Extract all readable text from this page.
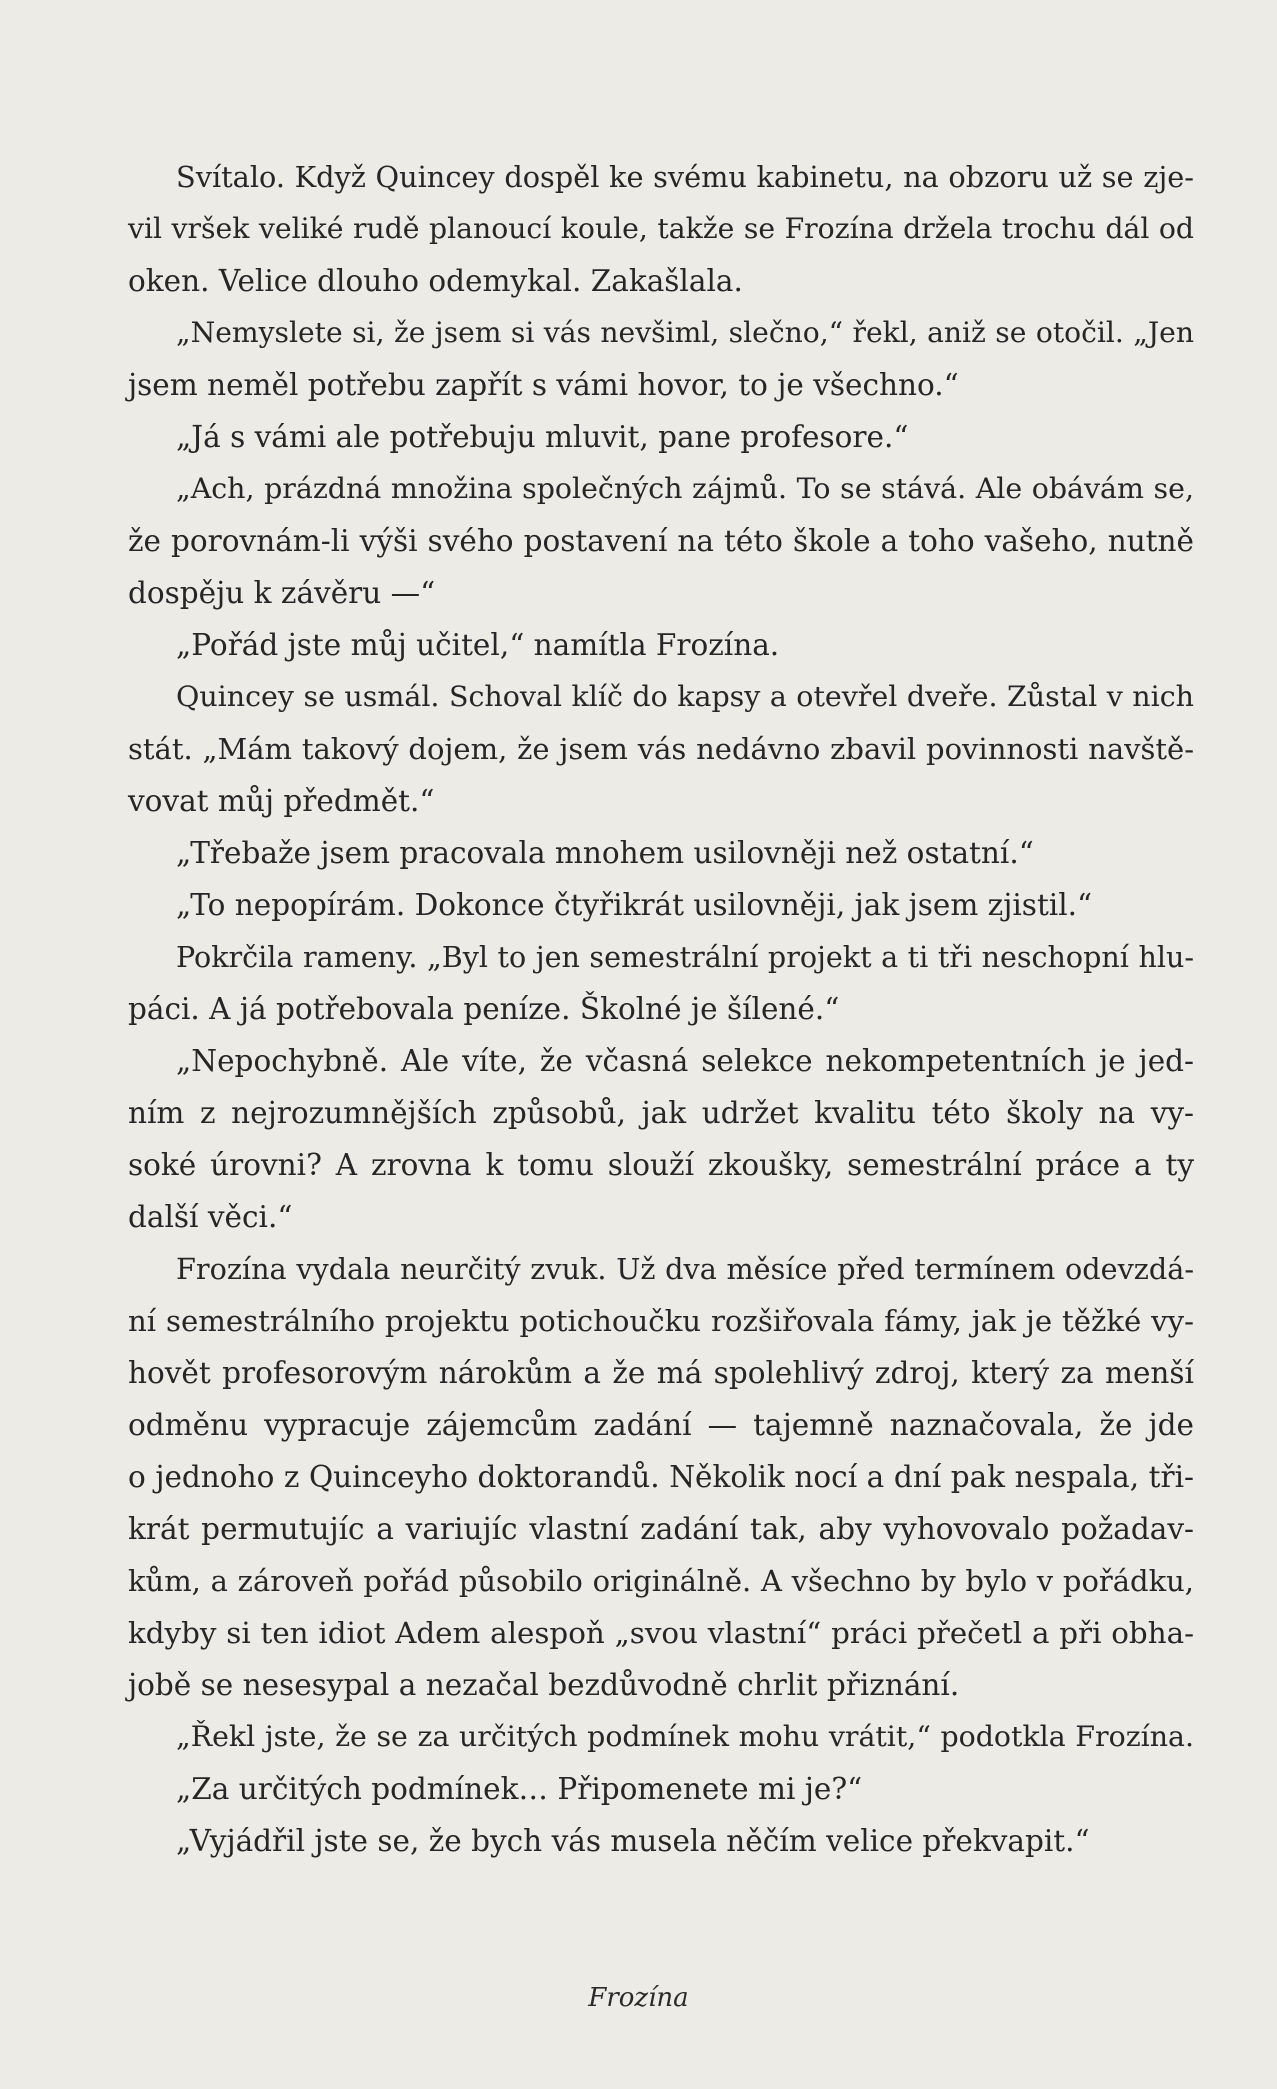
Svítalo. Když Quincey dospěl ke svému kabinetu, na obzoru už se zje-
vil vršek veliké rudě planoucí koule, takže se Frozína držela trochu dál od
oken. Velice dlouho odemykal. Zakašlala.
„Nemyslete si, že jsem si vás nevšiml, slečno,“ řekl, aniž se otočil. „Jen
jsem neměl potřebu zapřít s vámi hovor, to je všechno.“
„Já s vámi ale potřebuju mluvit, pane profesore.“
„Ach, prázdná množina společných zájmů. To se stává. Ale obávám se,
že porovnám-li výši svého postavení na této škole a toho vašeho, nutně
dospěju k závěru —“
„Pořád jste můj učitel,“ namítla Frozína.
Quincey se usmál. Schoval klíč do kapsy a otevřel dveře. Zůstal v nich
stát. „Mám takový dojem, že jsem vás nedávno zbavil povinnosti navště-
vovat můj předmět.“
„Třebaže jsem pracovala mnohem usilovněji než ostatní.“
„To nepopírám. Dokonce čtyřikrát usilovněji, jak jsem zjistil.“
Pokrčila rameny. „Byl to jen semestrální projekt a ti tři neschopní hlu-
páci. A já potřebovala peníze. Školné je šílené.“
„Nepochybně. Ale víte, že včasná selekce nekompetentních je jed-
ním z nejrozumnějších způsobů, jak udržet kvalitu této školy na vy-
soké úrovni? A zrovna k tomu slouží zkoušky, semestrální práce a ty
další věci.“
Frozína vydala neurčitý zvuk. Už dva měsíce před termínem odevzdá-
ní semestrálního projektu potichoučku rozšiřovala fámy, jak je těžké vy-
hovět profesorovým nárokům a že má spolehlivý zdroj, který za menší
odměnu vypracuje zájemcům zadání — tajemně naznačovala, že jde
o jednoho z Quinceyho doktorandů. Několik nocí a dní pak nespala, tři-
krát permutujíc a variujíc vlastní zadání tak, aby vyhovovalo požadav-
kům, a zároveň pořád působilo originálně. A všechno by bylo v pořádku,
kdyby si ten idiot Adem alespoň „svou vlastní“ práci přečetl a při obha-
jobě se nesesypal a nezačal bezdůvodně chrlit přiznání.
„Řekl jste, že se za určitých podmínek mohu vrátit,“ podotkla Frozína.
„Za určitých podmínek… Připomenete mi je?“
„Vyjádřil jste se, že bych vás musela něčím velice překvapit.“
Frozína
